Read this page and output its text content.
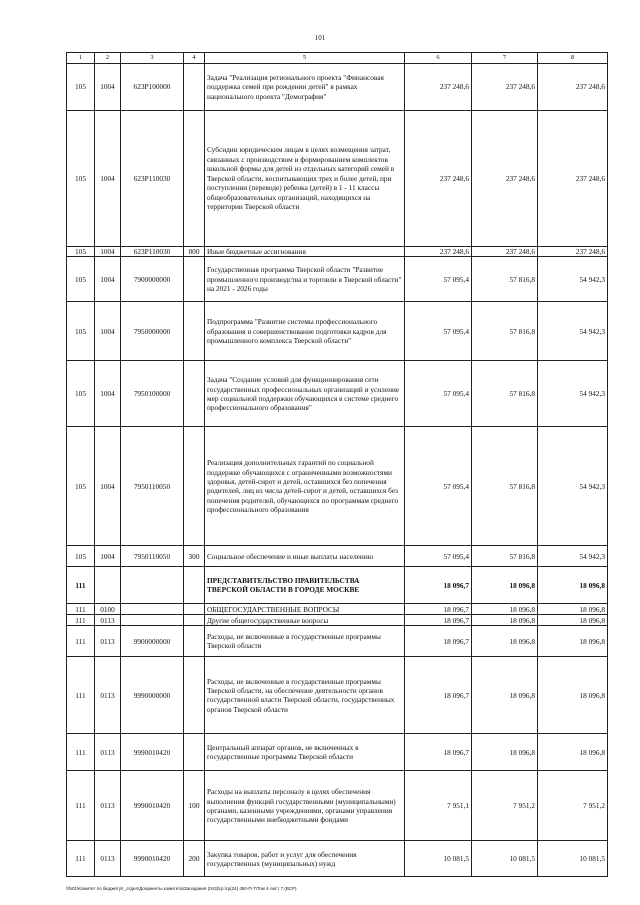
101
1	2	3	4	5	6	7	8
105	1004	623P100000		Задача "Реализация регионального проекта "Финансовая поддержка семей при рождении детей" в рамках национального проекта "Демография"	237 248,6	237 248,6	237 248,6
105	1004	623P110030		Субсидии юридическим лицам в целях возмещения затрат, связанных с производством и формированием комплектов школьной формы для детей из отдельных категорий семей в Тверской области, воспитывающих трех и более детей, при поступлении (переводе) ребенка (детей) в 1 - 11 классы общеобразовательных организаций, находящихся на территории Тверской области	237 248,6	237 248,6	237 248,6
105	1004	623P110030	800	Иные бюджетные ассигнования	237 248,6	237 248,6	237 248,6
105	1004	7900000000		Государственная программа Тверской области "Развитие промышленного производства и торговли в Тверской области" на 2021 - 2026 годы	57 095,4	57 816,8	54 942,3
105	1004	7950000000		Подпрограмма "Развитие системы профессионального образования и совершенствование подготовки кадров для промышленного комплекса Тверской области"	57 095,4	57 816,8	54 942,3
105	1004	7950100000		Задача "Создание условий для функционирования сети государственных профессиональных организаций и усиление мер социальной поддержки обучающихся в системе среднего профессионального образования"	57 095,4	57 816,8	54 942,3
105	1004	7950110050		Реализация дополнительных гарантий по социальной поддержке обучающихся с ограниченными возможностями здоровья, детей-сирот и детей, оставшихся без попечения родителей, лиц из числа детей-сирот и детей, оставшихся без попечения родителей, обучающихся по программам среднего профессионального образования	57 095,4	57 816,8	54 942,3
105	1004	7950110050	300	Социальное обеспечение и иные выплаты населению	57 095,4	57 816,8	54 942,3
111				ПРЕДСТАВИТЕЛЬСТВО ПРАВИТЕЛЬСТВА ТВЕРСКОЙ ОБЛАСТИ В ГОРОДЕ МОСКВЕ	18 096,7	18 096,8	18 096,8
111	0100			ОБЩЕГОСУДАРСТВЕННЫЕ ВОПРОСЫ	18 096,7	18 096,8	18 096,8
111	0113			Другие общегосударственные вопросы	18 096,7	18 096,8	18 096,8
111	0113	9900000000		Расходы, не включенные в государственные программы Тверской области	18 096,7	18 096,8	18 096,8
111	0113	9990000000		Расходы, не включенные в государственные программы Тверской области, на обеспечение деятельности органов государственной власти Тверской области, государственных органов Тверской области	18 096,7	18 096,8	18 096,8
111	0113	9990010420		Центральный аппарат органов, не включенных в государственные программы Тверской области	18 096,7	18 096,8	18 096,8
111	0113	9990010420	100	Расходы на выплаты персоналу в целях обеспечения выполнения функций государственными (муниципальными) органами, казенными учреждениями, органами управления государственными внебюджетными фондами	7 951,1	7 951,2	7 951,2
111	0113	9990010420	200	Закупка товаров, работ и услуг для обеспечения государственных (муниципальных) нужд	10 081,5	10 081,5	10 081,5
\\fs01\Комитет по бюджету\!_отдел\Документы комитета\Заседания (043)\гр.\гр(24) 450-П-7\Том 4 лист 7 (ВСР)
